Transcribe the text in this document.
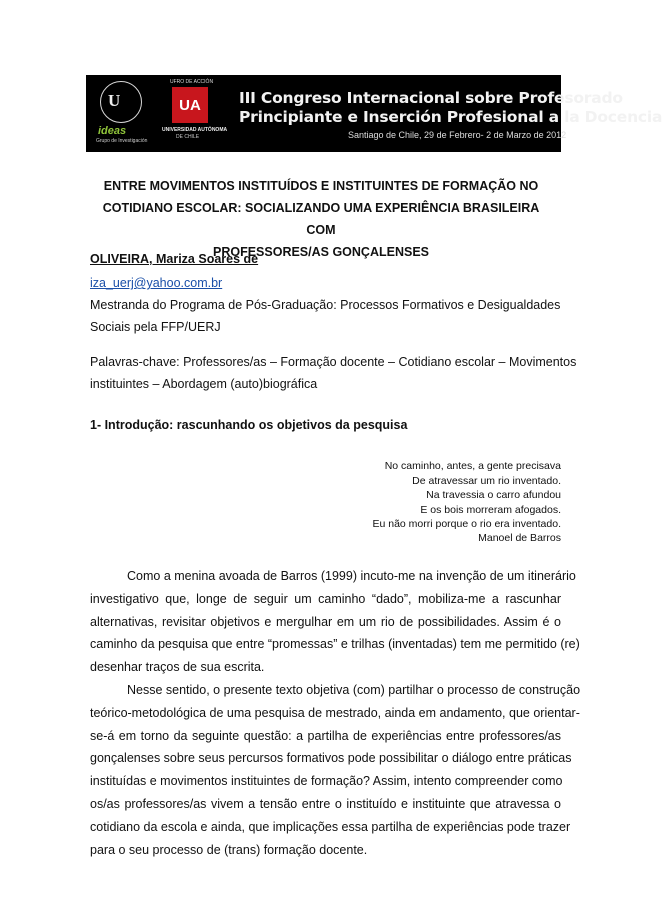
U
ideas
Grupo de Investigación
UFRO DE ACCIÓN
UA
UNIVERSIDAD AUTÓNOMA
DE CHILE
III Congreso Internacional sobre Profesorado
Principiante e Inserción Profesional a la Docencia
Santiago de Chile, 29 de Febrero- 2 de Marzo de 2012
ENTRE MOVIMENTOS INSTITUÍDOS E INSTITUINTES DE FORMAÇÃO NO
COTIDIANO ESCOLAR: SOCIALIZANDO UMA EXPERIÊNCIA BRASILEIRA COM
PROFESSORES/AS GONÇALENSES
OLIVEIRA, Mariza Soares de
iza_uerj@yahoo.com.br
Mestranda do Programa de Pós-Graduação: Processos Formativos e Desigualdades
Sociais pela FFP/UERJ
Palavras-chave: Professores/as – Formação docente – Cotidiano escolar – Movimentos
instituintes – Abordagem (auto)biográfica
1- Introdução: rascunhando os objetivos da pesquisa
No caminho, antes, a gente precisava
De atravessar um rio inventado.
Na travessia o carro afundou
E os bois morreram afogados.
Eu não morri porque o rio era inventado.
Manoel de Barros
Como a menina avoada de Barros (1999) incuto-me na invenção de um itinerário
investigativo que, longe de seguir um caminho “dado”, mobiliza-me a rascunhar
alternativas, revisitar objetivos e mergulhar em um rio de possibilidades. Assim é o
caminho da pesquisa que entre “promessas” e trilhas (inventadas) tem me permitido (re)
desenhar traços de sua escrita.
Nesse sentido, o presente texto objetiva (com) partilhar o processo de construção
teórico-metodológica de uma pesquisa de mestrado, ainda em andamento, que orientar-
se-á em torno da seguinte questão: a partilha de experiências entre professores/as
gonçalenses sobre seus percursos formativos pode possibilitar o diálogo entre práticas
instituídas e movimentos instituintes de formação? Assim, intento compreender como
os/as professores/as vivem a tensão entre o instituído e instituinte que atravessa o
cotidiano da escola e ainda, que implicações essa partilha de experiências pode trazer
para o seu processo de (trans) formação docente.
